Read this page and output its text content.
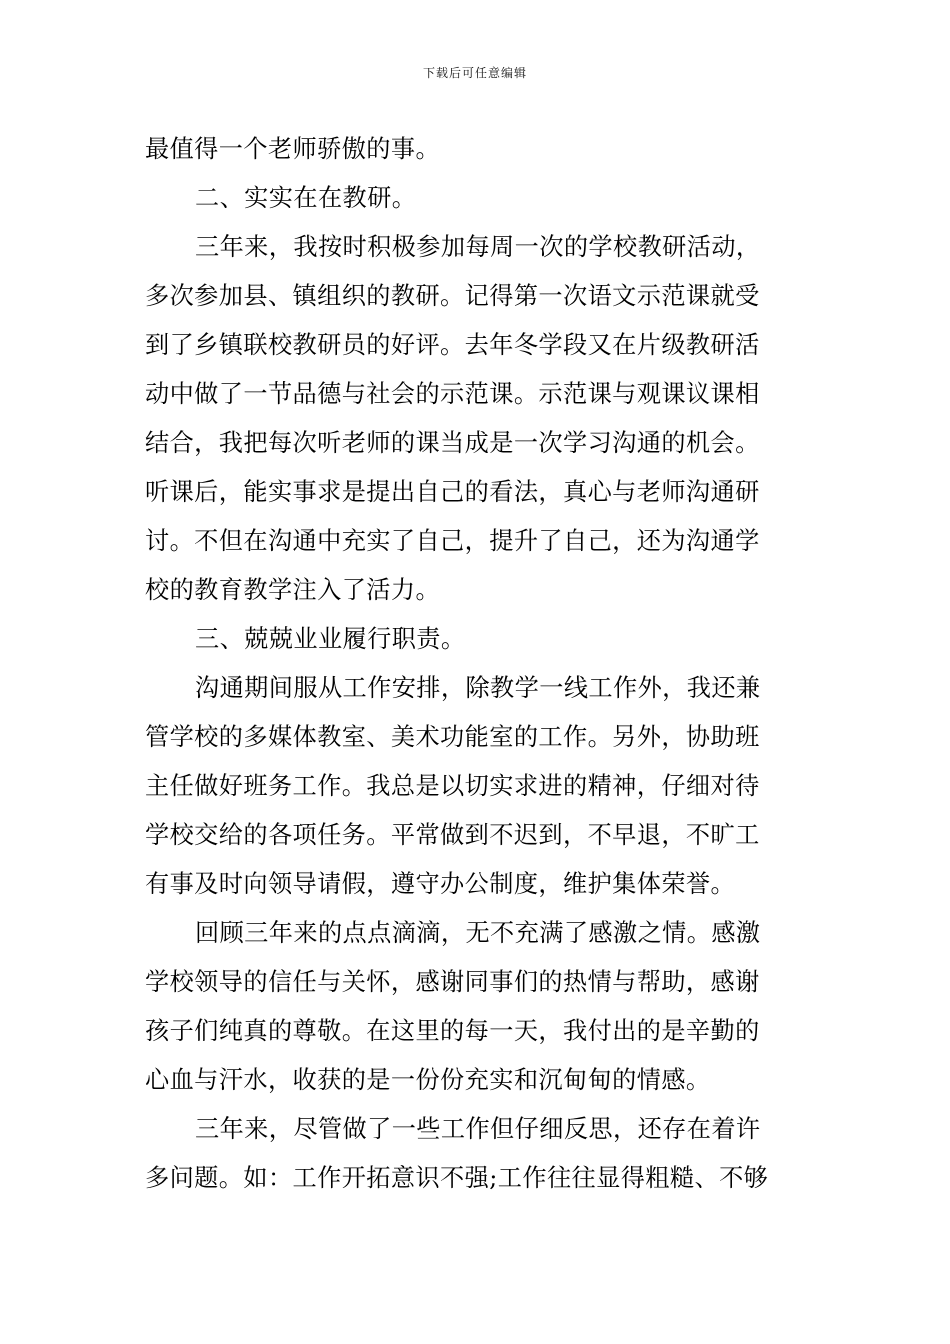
下载后可任意编辑
最值得一个老师骄傲的事。
二、实实在在教研。
三年来，我按时积极参加每周一次的学校教研活动，
多次参加县、镇组织的教研。记得第一次语文示范课就受
到了乡镇联校教研员的好评。去年冬学段又在片级教研活
动中做了一节品德与社会的示范课。示范课与观课议课相
结合，我把每次听老师的课当成是一次学习沟通的机会。
听课后，能实事求是提出自己的看法，真心与老师沟通研
讨。不但在沟通中充实了自己，提升了自己，还为沟通学
校的教育教学注入了活力。
三、兢兢业业履行职责。
沟通期间服从工作安排，除教学一线工作外，我还兼
管学校的多媒体教室、美术功能室的工作。另外，协助班
主任做好班务工作。我总是以切实求进的精神，仔细对待
学校交给的各项任务。平常做到不迟到，不早退，不旷工
有事及时向领导请假，遵守办公制度，维护集体荣誉。
回顾三年来的点点滴滴，无不充满了感激之情。感激
学校领导的信任与关怀，感谢同事们的热情与帮助，感谢
孩子们纯真的尊敬。在这里的每一天，我付出的是辛勤的
心血与汗水，收获的是一份份充实和沉甸甸的情感。
三年来，尽管做了一些工作但仔细反思，还存在着许
多问题。如：工作开拓意识不强;工作往往显得粗糙、不够
